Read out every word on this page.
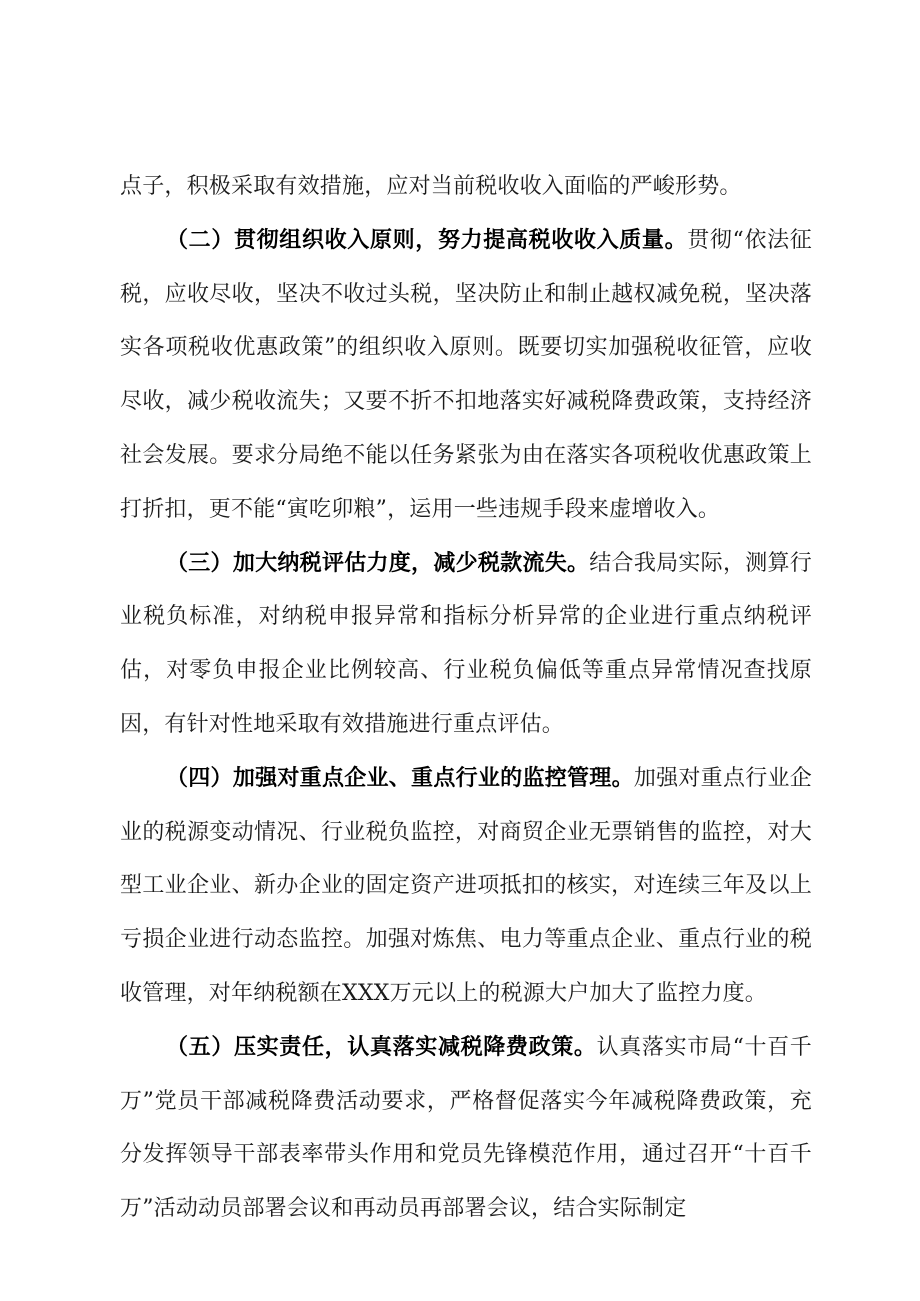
点子，积极采取有效措施，应对当前税收收入面临的严峻形势。

（二）贯彻组织收入原则，努力提高税收收入质量。贯彻“依法征税，应收尽收，坚决不收过头税，坚决防止和制止越权减免税，坚决落实各项税收优惠政策”的组织收入原则。既要切实加强税收征管，应收尽收，减少税收流失；又要不折不扣地落实好减税降费政策，支持经济社会发展。要求分局绝不能以任务紧张为由在落实各项税收优惠政策上打折扣，更不能“寅吃卯粮”，运用一些违规手段来虚增收入。

（三）加大纳税评估力度，减少税款流失。结合我局实际，测算行业税负标准，对纳税申报异常和指标分析异常的企业进行重点纳税评估，对零负申报企业比例较高、行业税负偏低等重点异常情况查找原因，有针对性地采取有效措施进行重点评估。

（四）加强对重点企业、重点行业的监控管理。加强对重点行业企业的税源变动情况、行业税负监控，对商贸企业无票销售的监控，对大型工业企业、新办企业的固定资产进项抵扣的核实，对连续三年及以上亏损企业进行动态监控。加强对炼焦、电力等重点企业、重点行业的税收管理，对年纳税额在XXX万元以上的税源大户加大了监控力度。

（五）压实责任，认真落实减税降费政策。认真落实市局“十百千万”党员干部减税降费活动要求，严格督促落实今年减税降费政策，充分发挥领导干部表率带头作用和党员先锋模范作用，通过召开“十百千万”活动动员部署会议和再动员再部署会议，结合实际制定
